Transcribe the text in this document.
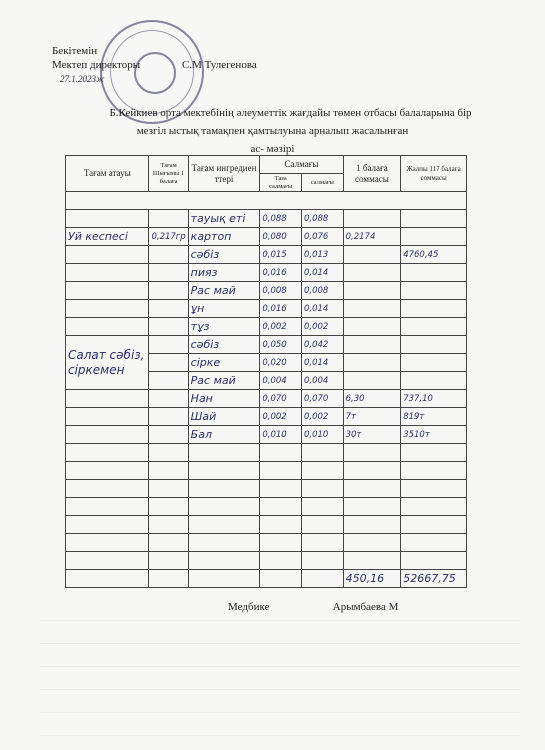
Бекітемін
Мектеп директоры	С.М Тулегенова
27.1.2023ж
Б.Кейкиев орта мектебінің әлеуметтік жағдайы төмен отбасы балаларына бір
мезгіл ыстық тамақпен қамтылуына арналып жасалынған
ас- мәзірі
Тағам атауы	Тағам Шығымы 1 балаға	Тағам ингредиен ттері	Салмағы		1 балаға соммасы	Жалпы 117 балаға соммасы
			Таза салмағы	салмағы		

		тауық еті	0,088	0,088		
Уй кеспесі	0,217гр	картоп	0,080	0,076	0,2174	
		сәбіз	0,015	0,013		4760,45
		пияз	0,016	0,014		
		Рас май	0,008	0,008		
		ұн	0,016	0,014		
		тұз	0,002	0,002		
Салат сәбіз, сіркемен		сәбіз	0,050	0,042		
		сірке	0,020	0,014		
		Рас май	0,004	0,004		
		Нан	0,070	0,070	6,30	737,10
		Шай	0,002	0,002	7т	819т
		Бал	0,010	0,010	30т	3510т

					450,16	52667,75
Медбике	Арымбаева М
